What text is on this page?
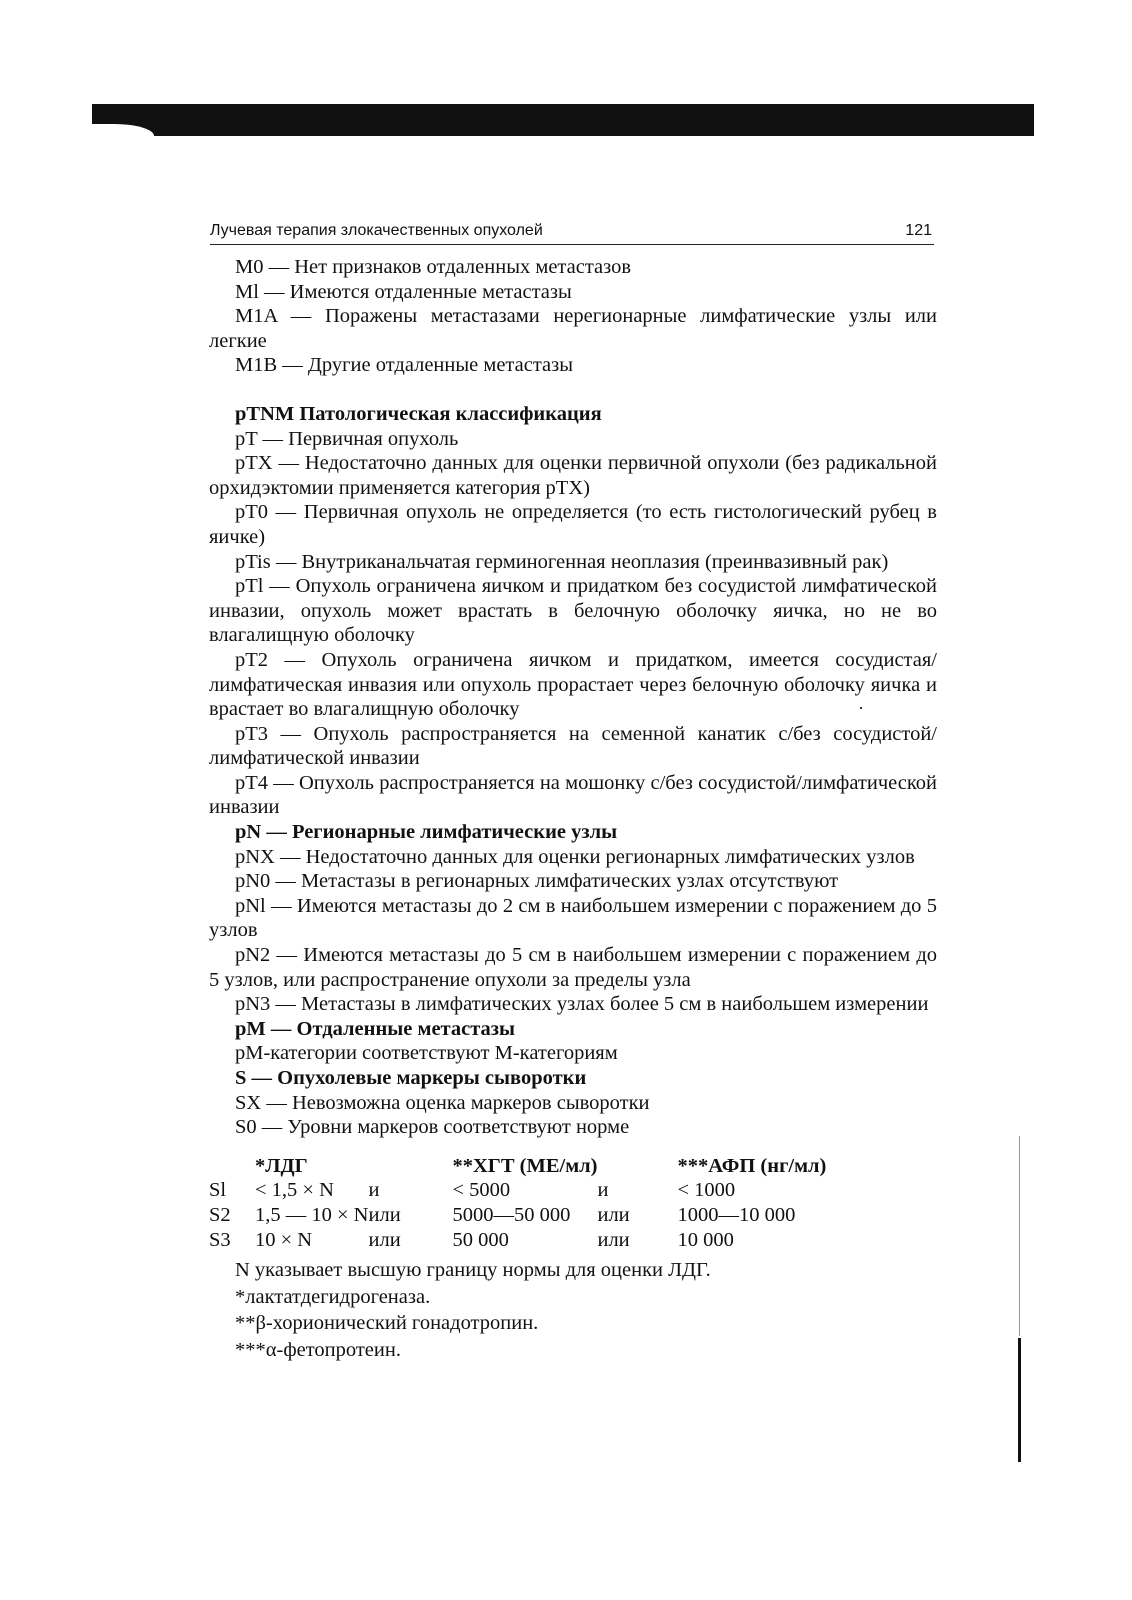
Лучевая терапия злокачественных опухолей	121

M0 — Нет признаков отдаленных метастазов

Ml — Имеются отдаленные метастазы

M1A — Поражены метастазами нерегионарные лимфатические узлы или легкие

M1B — Другие отдаленные метастазы

pTNM Патологическая классификация

pT — Первичная опухоль

pTX — Недостаточно данных для оценки первичной опухоли (без радикальной орхидэктомии применяется категория pTX)

pT0 — Первичная опухоль не определяется (то есть гистологический рубец в яичке)

pTis — Внутриканальчатая герминогенная неоплазия (преинвазивный рак)

pTl — Опухоль ограничена яичком и придатком без сосудистой лимфатической инвазии, опухоль может врастать в белочную оболочку яичка, но не во влагалищную оболочку

pT2 — Опухоль ограничена яичком и придатком, имеется сосудистая/лимфатическая инвазия или опухоль прорастает через белочную оболочку яичка и врастает во влагалищную оболочку

pT3 — Опухоль распространяется на семенной канатик с/без сосудистой/лимфатической инвазии

pT4 — Опухоль распространяется на мошонку с/без сосудистой/лимфатической инвазии

pN — Регионарные лимфатические узлы

pNX — Недостаточно данных для оценки регионарных лимфатических узлов

pN0 — Метастазы в регионарных лимфатических узлах отсутствуют

pNl — Имеются метастазы до 2 см в наибольшем измерении с поражением до 5 узлов

pN2 — Имеются метастазы до 5 см в наибольшем измерении с поражением до 5 узлов, или распространение опухоли за пределы узла

pN3 — Метастазы в лимфатических узлах более 5 см в наибольшем измерении

pM — Отдаленные метастазы

pM-категории соответствуют M-категориям

S — Опухолевые маркеры сыворотки

SX — Невозможна оценка маркеров сыворотки

S0 — Уровни маркеров соответствуют норме

	*ЛДГ		**ХГТ (МЕ/мл)		***АФП (нг/мл)
Sl	< 1,5 × N	и	< 5000	и	< 1000
S2	1,5 — 10 × N	или	5000—50 000	или	1000—10 000
S3	10 × N	или	50 000	или	10 000

N указывает высшую границу нормы для оценки ЛДГ.

*лактатдегидрогеназа.

**β-хорионический гонадотропин.

***α-фетопротеин.
